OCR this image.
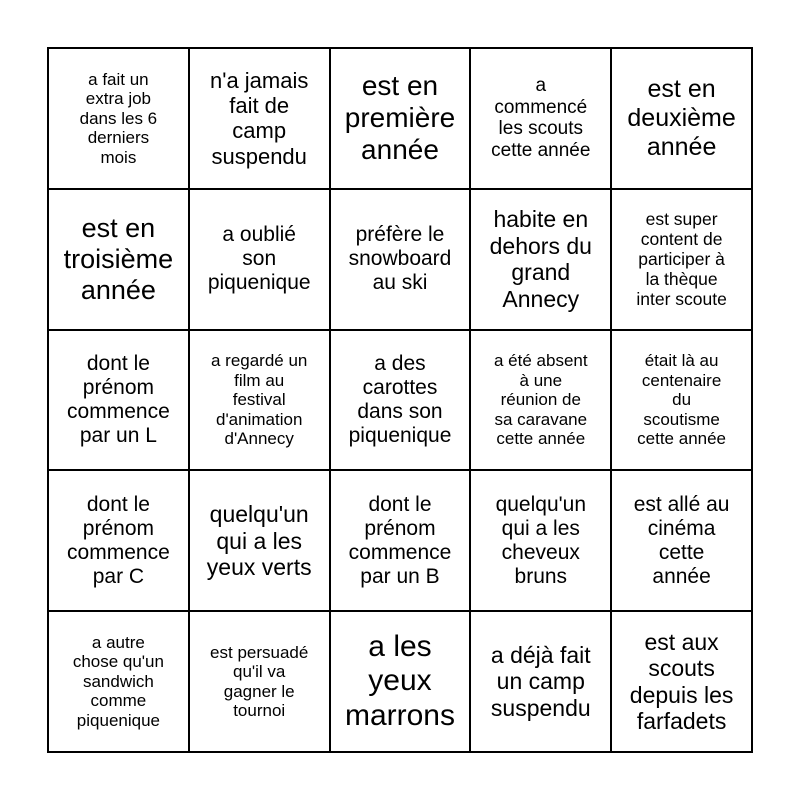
a fait un
extra job
dans les 6
derniers
mois
n'a jamais
fait de
camp
suspendu
est en
première
année
a
commencé
les scouts
cette année
est en
deuxième
année
est en
troisième
année
a oublié
son
piquenique
préfère le
snowboard
au ski
habite en
dehors du
grand
Annecy
est super
content de
participer à
la thèque
inter scoute
dont le
prénom
commence
par un L
a regardé un
film au
festival
d'animation
d'Annecy
a des
carottes
dans son
piquenique
a été absent
à une
réunion de
sa caravane
cette année
était là au
centenaire
du
scoutisme
cette année
dont le
prénom
commence
par C
quelqu'un
qui a les
yeux verts
dont le
prénom
commence
par un B
quelqu'un
qui a les
cheveux
bruns
est allé au
cinéma
cette
année
a autre
chose qu'un
sandwich
comme
piquenique
est persuadé
qu'il va
gagner le
tournoi
a les
yeux
marrons
a déjà fait
un camp
suspendu
est aux
scouts
depuis les
farfadets
